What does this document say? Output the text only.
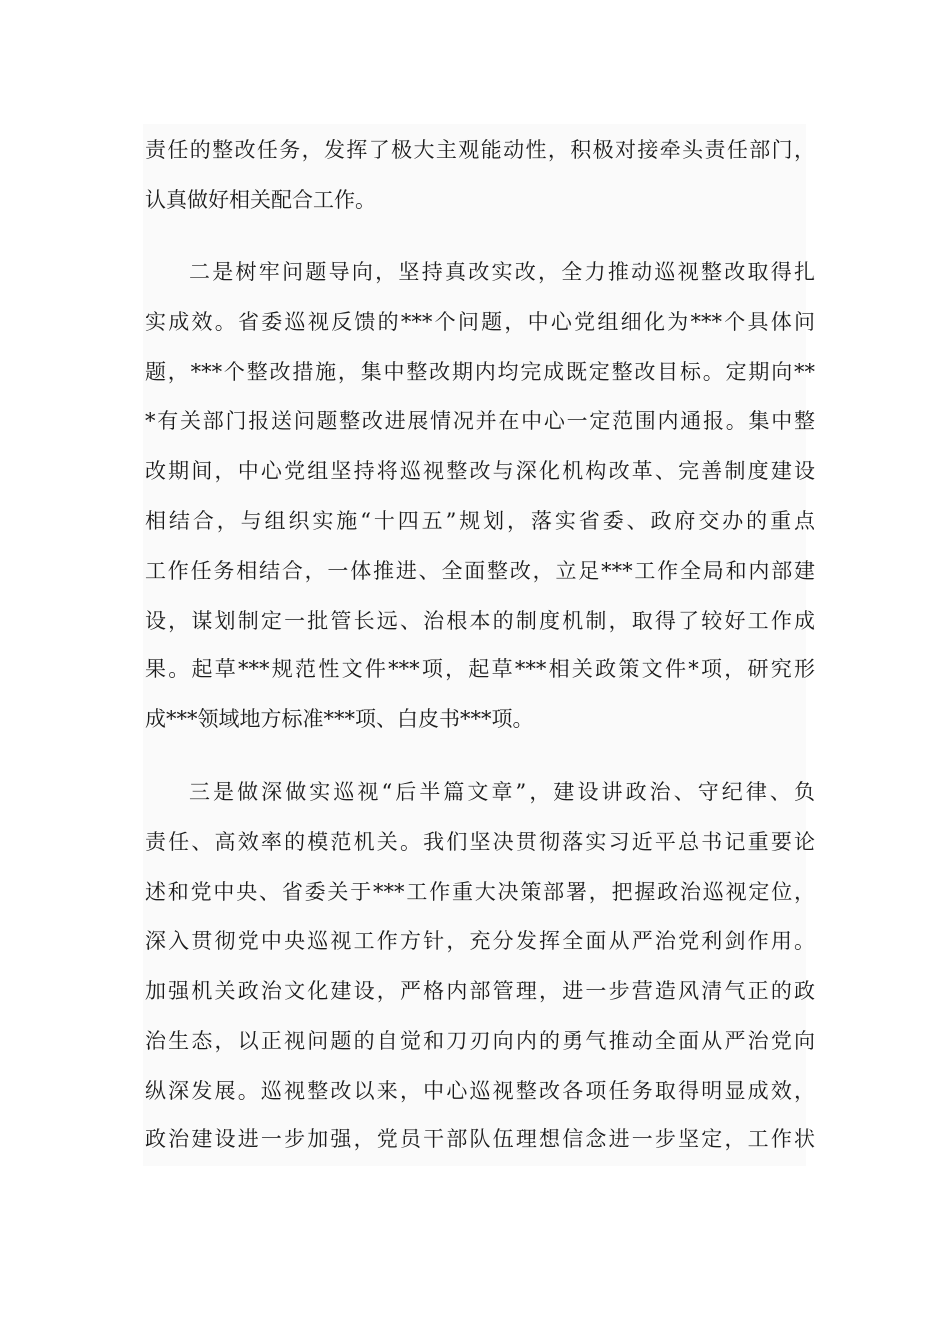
责任的整改任务，发挥了极大主观能动性，积极对接牵头责任部门，
认真做好相关配合工作。
二是树牢问题导向，坚持真改实改，全力推动巡视整改取得扎
实成效。省委巡视反馈的***个问题，中心党组细化为***个具体问
题，***个整改措施，集中整改期内均完成既定整改目标。定期向**
*有关部门报送问题整改进展情况并在中心一定范围内通报。集中整
改期间，中心党组坚持将巡视整改与深化机构改革、完善制度建设
相结合，与组织实施“十四五”规划，落实省委、政府交办的重点
工作任务相结合，一体推进、全面整改，立足***工作全局和内部建
设，谋划制定一批管长远、治根本的制度机制，取得了较好工作成
果。起草***规范性文件***项，起草***相关政策文件*项，研究形
成***领域地方标准***项、白皮书***项。
三是做深做实巡视“后半篇文章”，建设讲政治、守纪律、负
责任、高效率的模范机关。我们坚决贯彻落实习近平总书记重要论
述和党中央、省委关于***工作重大决策部署，把握政治巡视定位，
深入贯彻党中央巡视工作方针，充分发挥全面从严治党利剑作用。
加强机关政治文化建设，严格内部管理，进一步营造风清气正的政
治生态，以正视问题的自觉和刀刃向内的勇气推动全面从严治党向
纵深发展。巡视整改以来，中心巡视整改各项任务取得明显成效，
政治建设进一步加强，党员干部队伍理想信念进一步坚定，工作状
